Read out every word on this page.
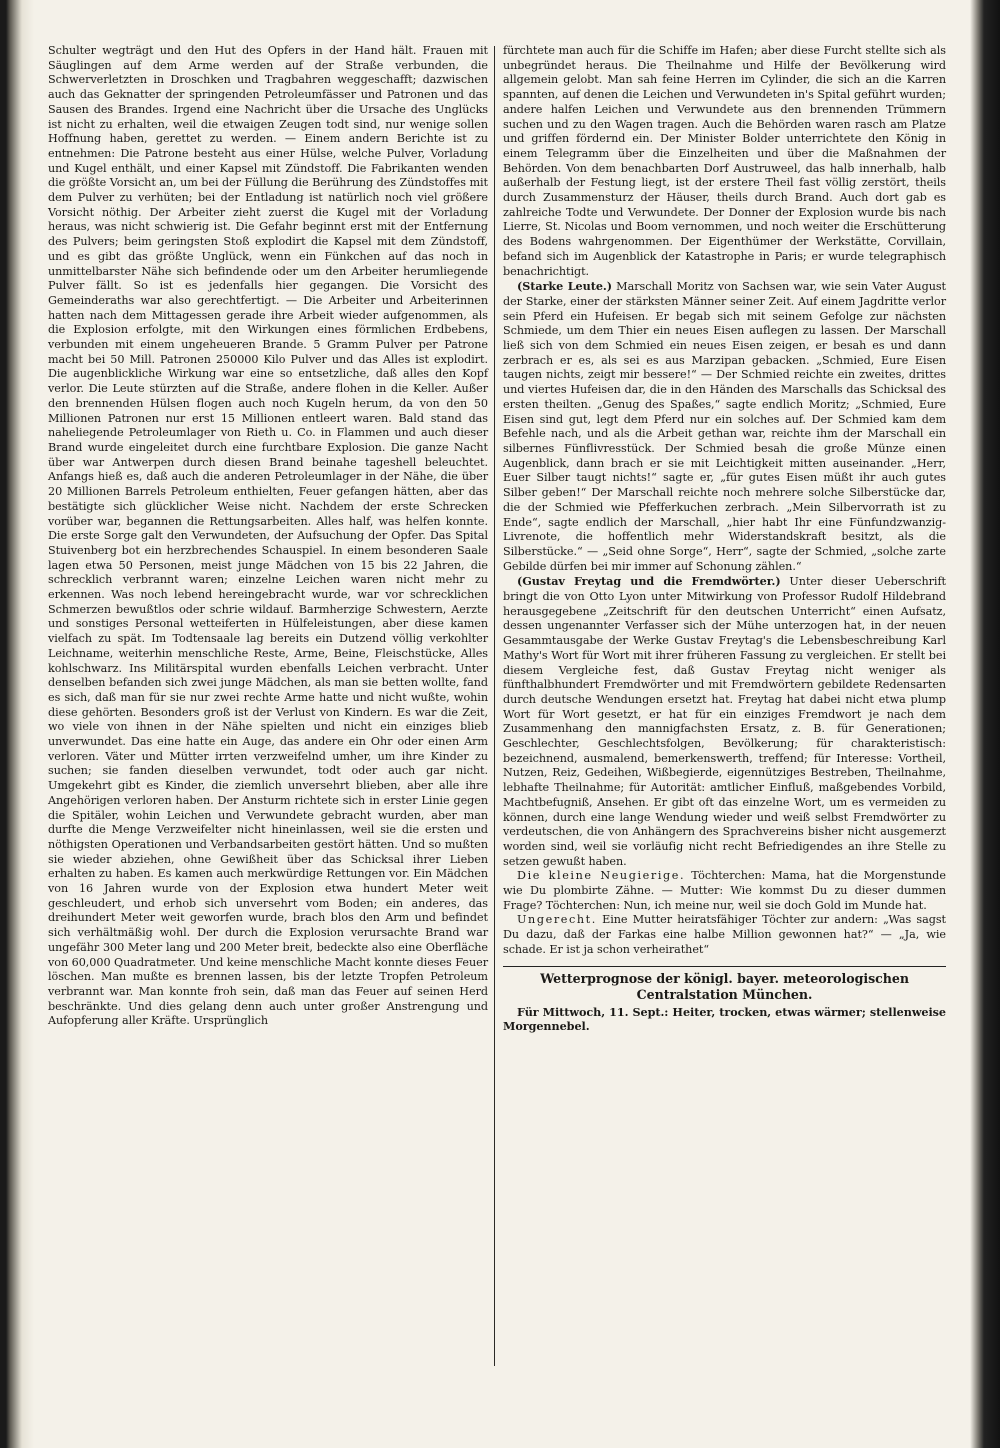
Schulter wegträgt und den Hut des Opfers in der Hand hält. Frauen mit Säuglingen auf dem Arme werden auf der Straße verbunden, die Schwerverletzten in Droschken und Tragbahren weggeschafft; dazwischen auch das Geknatter der springenden Petroleumfässer und Patronen und das Sausen des Brandes. Irgend eine Nachricht über die Ursache des Unglücks ist nicht zu erhalten, weil die etwaigen Zeugen todt sind, nur wenige sollen Hoffnung haben, gerettet zu werden. — Einem andern Berichte ist zu entnehmen: Die Patrone besteht aus einer Hülse, welche Pulver, Vorladung und Kugel enthält, und einer Kapsel mit Zündstoff. Die Fabrikanten wenden die größte Vorsicht an, um bei der Füllung die Berührung des Zündstoffes mit dem Pulver zu verhüten; bei der Entladung ist natürlich noch viel größere Vorsicht nöthig. Der Arbeiter zieht zuerst die Kugel mit der Vorladung heraus, was nicht schwierig ist. Die Gefahr beginnt erst mit der Entfernung des Pulvers; beim geringsten Stoß explodirt die Kapsel mit dem Zündstoff, und es gibt das größte Unglück, wenn ein Fünkchen auf das noch in unmittelbarster Nähe sich befindende oder um den Arbeiter herumliegende Pulver fällt. So ist es jedenfalls hier gegangen. Die Vorsicht des Gemeinderaths war also gerechtfertigt. — Die Arbeiter und Arbeiterinnen hatten nach dem Mittagessen gerade ihre Arbeit wieder aufgenommen, als die Explosion erfolgte, mit den Wirkungen eines förmlichen Erdbebens, verbunden mit einem ungeheueren Brande. 5 Gramm Pulver per Patrone macht bei 50 Mill. Patronen 250000 Kilo Pulver und das Alles ist explodirt. Die augenblickliche Wirkung war eine so entsetzliche, daß alles den Kopf verlor. Die Leute stürzten auf die Straße, andere flohen in die Keller. Außer den brennenden Hülsen flogen auch noch Kugeln herum, da von den 50 Millionen Patronen nur erst 15 Millionen entleert waren. Bald stand das naheliegende Petroleumlager von Rieth u. Co. in Flammen und auch dieser Brand wurde eingeleitet durch eine furchtbare Explosion. Die ganze Nacht über war Antwerpen durch diesen Brand beinahe tageshell beleuchtet. Anfangs hieß es, daß auch die anderen Petroleumlager in der Nähe, die über 20 Millionen Barrels Petroleum enthielten, Feuer gefangen hätten, aber das bestätigte sich glücklicher Weise nicht. Nachdem der erste Schrecken vorüber war, begannen die Rettungsarbeiten. Alles half, was helfen konnte. Die erste Sorge galt den Verwundeten, der Aufsuchung der Opfer. Das Spital Stuivenberg bot ein herzbrechendes Schauspiel. In einem besonderen Saale lagen etwa 50 Personen, meist junge Mädchen von 15 bis 22 Jahren, die schrecklich verbrannt waren; einzelne Leichen waren nicht mehr zu erkennen. Was noch lebend hereingebracht wurde, war vor schrecklichen Schmerzen bewußtlos oder schrie wildauf. Barmherzige Schwestern, Aerzte und sonstiges Personal wetteiferten in Hülfeleistungen, aber diese kamen vielfach zu spät. Im Todtensaale lag bereits ein Dutzend völlig verkohlter Leichname, weiterhin menschliche Reste, Arme, Beine, Fleischstücke, Alles kohlschwarz. Ins Militärspital wurden ebenfalls Leichen verbracht. Unter denselben befanden sich zwei junge Mädchen, als man sie betten wollte, fand es sich, daß man für sie nur zwei rechte Arme hatte und nicht wußte, wohin diese gehörten. Besonders groß ist der Verlust von Kindern. Es war die Zeit, wo viele von ihnen in der Nähe spielten und nicht ein einziges blieb unverwundet. Das eine hatte ein Auge, das andere ein Ohr oder einen Arm verloren. Väter und Mütter irrten verzweifelnd umher, um ihre Kinder zu suchen; sie fanden dieselben verwundet, todt oder auch gar nicht. Umgekehrt gibt es Kinder, die ziemlich unversehrt blieben, aber alle ihre Angehörigen verloren haben. Der Ansturm richtete sich in erster Linie gegen die Spitäler, wohin Leichen und Verwundete gebracht wurden, aber man durfte die Menge Verzweifelter nicht hineinlassen, weil sie die ersten und nöthigsten Operationen und Verbandsarbeiten gestört hätten. Und so mußten sie wieder abziehen, ohne Gewißheit über das Schicksal ihrer Lieben erhalten zu haben. Es kamen auch merkwürdige Rettungen vor. Ein Mädchen von 16 Jahren wurde von der Explosion etwa hundert Meter weit geschleudert, und erhob sich unversehrt vom Boden; ein anderes, das dreihundert Meter weit geworfen wurde, brach blos den Arm und befindet sich verhältmäßig wohl. Der durch die Explosion verursachte Brand war ungefähr 300 Meter lang und 200 Meter breit, bedeckte also eine Oberfläche von 60,000 Quadratmeter. Und keine menschliche Macht konnte dieses Feuer löschen. Man mußte es brennen lassen, bis der letzte Tropfen Petroleum verbrannt war. Man konnte froh sein, daß man das Feuer auf seinen Herd beschränkte. Und dies gelang denn auch unter großer Anstrengung und Aufopferung aller Kräfte. Ursprünglich

fürchtete man auch für die Schiffe im Hafen; aber diese Furcht stellte sich als unbegründet heraus. Die Theilnahme und Hilfe der Bevölkerung wird allgemein gelobt. Man sah feine Herren im Cylinder, die sich an die Karren spannten, auf denen die Leichen und Verwundeten in's Spital geführt wurden; andere halfen Leichen und Verwundete aus den brennenden Trümmern suchen und zu den Wagen tragen. Auch die Behörden waren rasch am Platze und griffen fördernd ein. Der Minister Bolder unterrichtete den König in einem Telegramm über die Einzelheiten und über die Maßnahmen der Behörden. Von dem benachbarten Dorf Austruweel, das halb innerhalb, halb außerhalb der Festung liegt, ist der erstere Theil fast völlig zerstört, theils durch Zusammensturz der Häuser, theils durch Brand. Auch dort gab es zahlreiche Todte und Verwundete. Der Donner der Explosion wurde bis nach Lierre, St. Nicolas und Boom vernommen, und noch weiter die Erschütterung des Bodens wahrgenommen. Der Eigenthümer der Werkstätte, Corvillain, befand sich im Augenblick der Katastrophe in Paris; er wurde telegraphisch benachrichtigt.

(Starke Leute.) Marschall Moritz von Sachsen war, wie sein Vater August der Starke, einer der stärksten Männer seiner Zeit. Auf einem Jagdritte verlor sein Pferd ein Hufeisen. Er begab sich mit seinem Gefolge zur nächsten Schmiede, um dem Thier ein neues Eisen auflegen zu lassen. Der Marschall ließ sich von dem Schmied ein neues Eisen zeigen, er besah es und dann zerbrach er es, als sei es aus Marzipan gebacken. „Schmied, Eure Eisen taugen nichts, zeigt mir bessere!“ — Der Schmied reichte ein zweites, drittes und viertes Hufeisen dar, die in den Händen des Marschalls das Schicksal des ersten theilten. „Genug des Spaßes,“ sagte endlich Moritz; „Schmied, Eure Eisen sind gut, legt dem Pferd nur ein solches auf. Der Schmied kam dem Befehle nach, und als die Arbeit gethan war, reichte ihm der Marschall ein silbernes Fünflivresstück. Der Schmied besah die große Münze einen Augenblick, dann brach er sie mit Leichtigkeit mitten auseinander. „Herr, Euer Silber taugt nichts!“ sagte er, „für gutes Eisen müßt ihr auch gutes Silber geben!“ Der Marschall reichte noch mehrere solche Silberstücke dar, die der Schmied wie Pfefferkuchen zerbrach. „Mein Silbervorrath ist zu Ende“, sagte endlich der Marschall, „hier habt Ihr eine Fünfundzwanzig-Livrenote, die hoffentlich mehr Widerstandskraft besitzt, als die Silberstücke.“ — „Seid ohne Sorge“, Herr“, sagte der Schmied, „solche zarte Gebilde dürfen bei mir immer auf Schonung zählen.“

(Gustav Freytag und die Fremdwörter.) Unter dieser Ueberschrift bringt die von Otto Lyon unter Mitwirkung von Professor Rudolf Hildebrand herausgegebene „Zeitschrift für den deutschen Unterricht“ einen Aufsatz, dessen ungenannter Verfasser sich der Mühe unterzogen hat, in der neuen Gesammtausgabe der Werke Gustav Freytag's die Lebensbeschreibung Karl Mathy's Wort für Wort mit ihrer früheren Fassung zu vergleichen. Er stellt bei diesem Vergleiche fest, daß Gustav Freytag nicht weniger als fünfthalbhundert Fremdwörter und mit Fremdwörtern gebildete Redensarten durch deutsche Wendungen ersetzt hat. Freytag hat dabei nicht etwa plump Wort für Wort gesetzt, er hat für ein einziges Fremdwort je nach dem Zusammenhang den mannigfachsten Ersatz, z. B. für Generationen; Geschlechter, Geschlechtsfolgen, Bevölkerung; für charakteristisch: bezeichnend, ausmalend, bemerkenswerth, treffend; für Interesse: Vortheil, Nutzen, Reiz, Gedeihen, Wißbegierde, eigennütziges Bestreben, Theilnahme, lebhafte Theilnahme; für Autorität: amtlicher Einfluß, maßgebendes Vorbild, Machtbefugniß, Ansehen. Er gibt oft das einzelne Wort, um es vermeiden zu können, durch eine lange Wendung wieder und weiß selbst Fremdwörter zu verdeutschen, die von Anhängern des Sprachvereins bisher nicht ausgemerzt worden sind, weil sie vorläufig nicht recht Befriedigendes an ihre Stelle zu setzen gewußt haben.

Die kleine Neugierige. Töchterchen: Mama, hat die Morgenstunde wie Du plombirte Zähne. — Mutter: Wie kommst Du zu dieser dummen Frage? Töchterchen: Nun, ich meine nur, weil sie doch Gold im Munde hat.

Ungerecht. Eine Mutter heiratsfähiger Töchter zur andern: „Was sagst Du dazu, daß der Farkas eine halbe Million gewonnen hat?“ — „Ja, wie schade. Er ist ja schon verheirathet“

Wetterprognose der königl. bayer. meteorologischen Centralstation München.

Für Mittwoch, 11. Sept.: Heiter, trocken, etwas wärmer; stellenweise Morgennebel.
